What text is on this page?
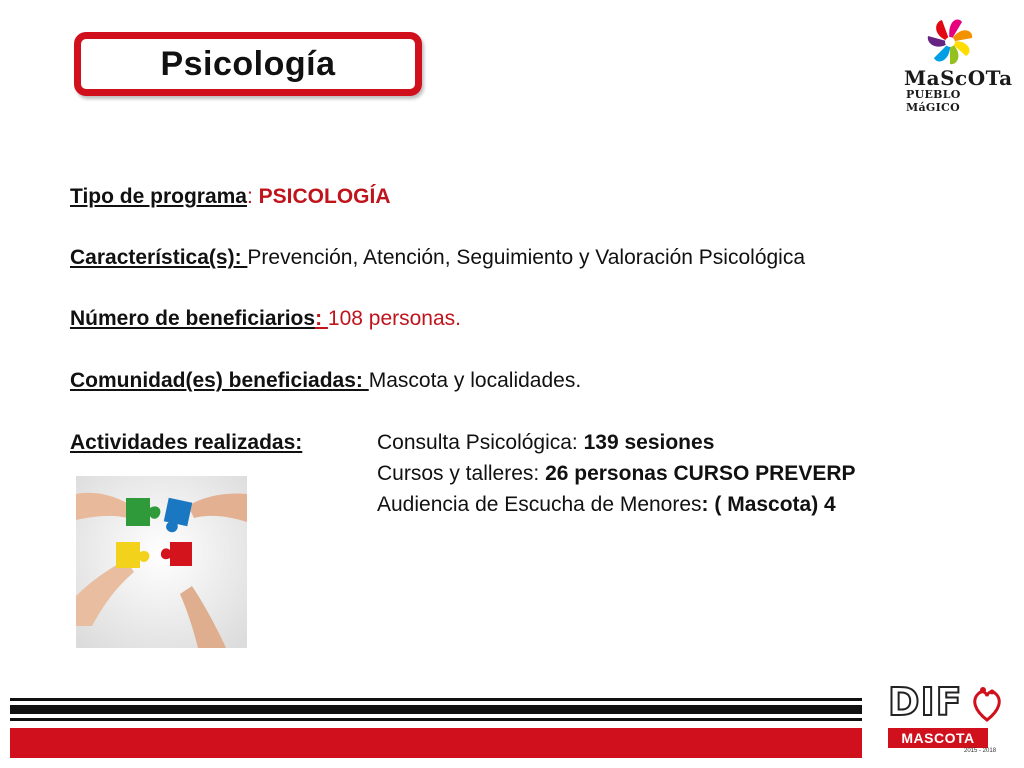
Psicología	MaScOTa
PUEBLO MáGICO
Tipo de programa: PSICOLOGÍA
Característica(s): Prevención, Atención, Seguimiento y Valoración Psicológica
Número de beneficiarios: 108 personas.
Comunidad(es) beneficiadas: Mascota y localidades.
Actividades realizadas:	Consulta Psicológica: 139 sesiones
Cursos y talleres: 26 personas CURSO PREVERP
Audiencia de Escucha de Menores: ( Mascota) 4
DIF
MASCOTA
2015 - 2018
